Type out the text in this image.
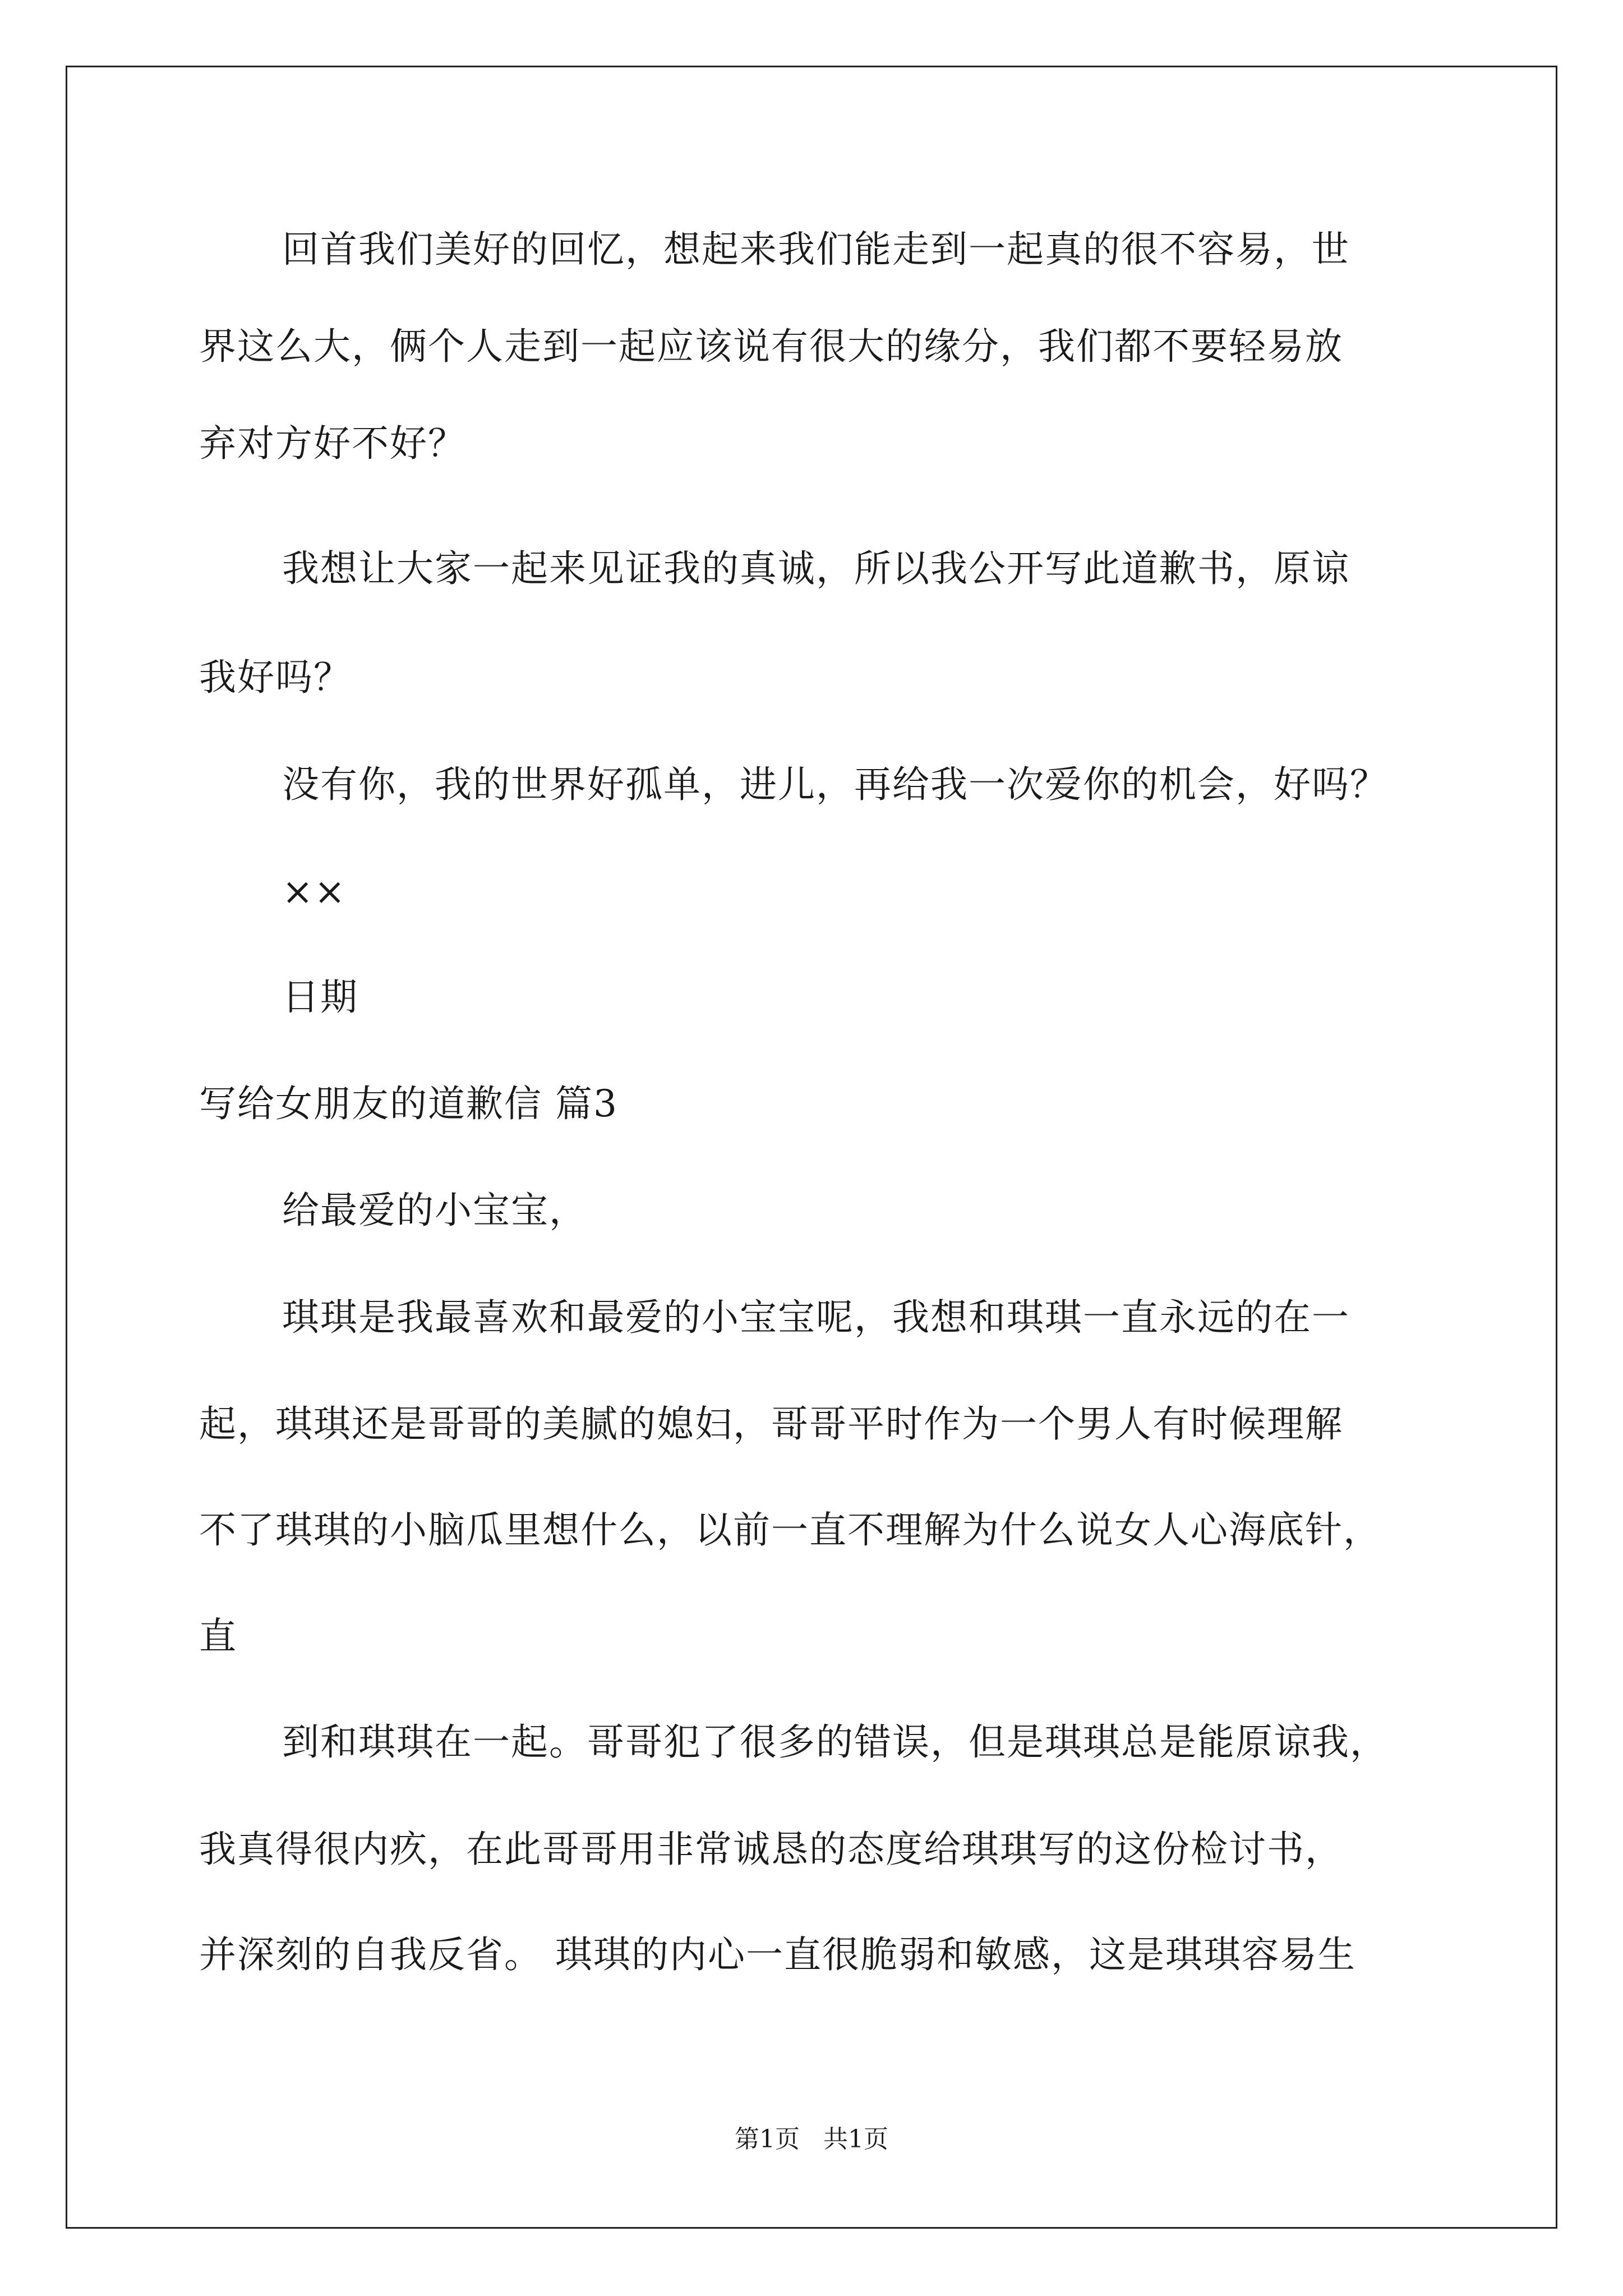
回首我们美好的回忆，想起来我们能走到一起真的很不容易，世
界这么大，俩个人走到一起应该说有很大的缘分，我们都不要轻易放
弃对方好不好？
我想让大家一起来见证我的真诚，所以我公开写此道歉书，原谅
我好吗？
没有你，我的世界好孤单，进儿，再给我一次爱你的机会，好吗？
××
日期
写给女朋友的道歉信 篇3
给最爱的小宝宝，
琪琪是我最喜欢和最爱的小宝宝呢，我想和琪琪一直永远的在一
起，琪琪还是哥哥的美腻的媳妇，哥哥平时作为一个男人有时候理解
不了琪琪的小脑瓜里想什么，以前一直不理解为什么说女人心海底针，
直
到和琪琪在一起。哥哥犯了很多的错误，但是琪琪总是能原谅我，
我真得很内疚，在此哥哥用非常诚恳的态度给琪琪写的这份检讨书，
并深刻的自我反省。 琪琪的内心一直很脆弱和敏感，这是琪琪容易生
第1页   共1页
